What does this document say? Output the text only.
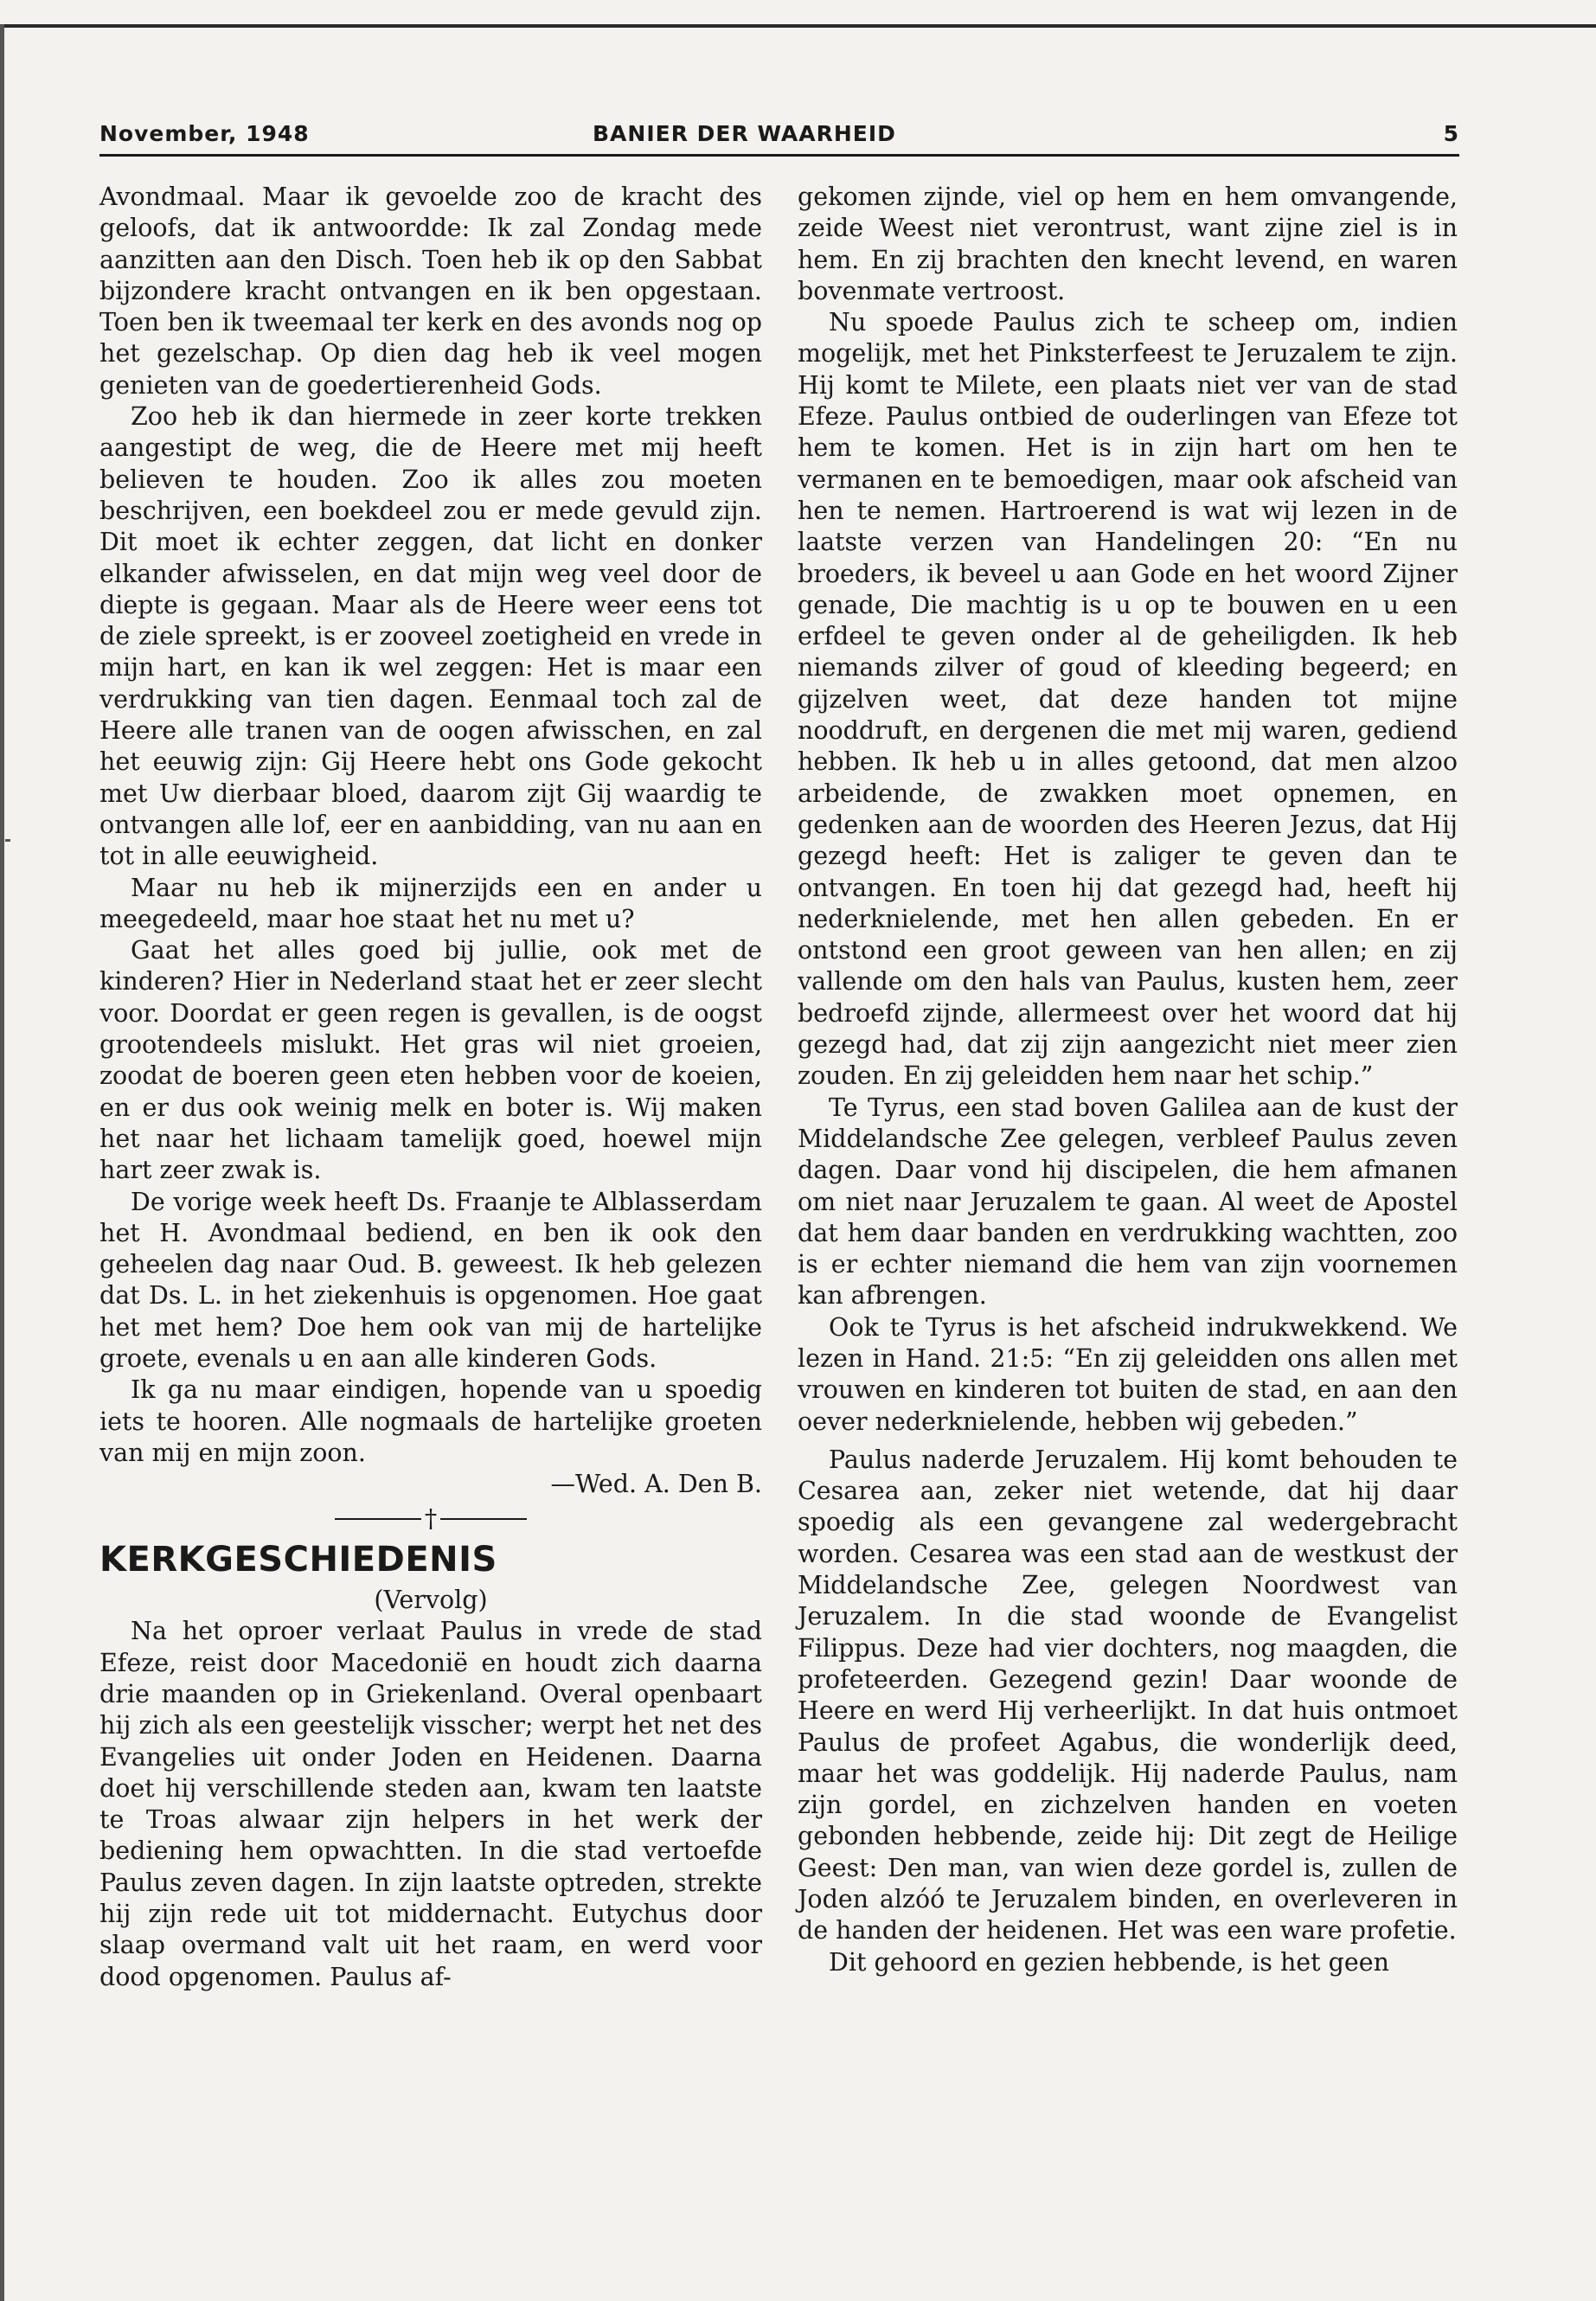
November, 1948	BANIER DER WAARHEID	5

Avondmaal. Maar ik gevoelde zoo de kracht des geloofs, dat ik antwoordde: Ik zal Zondag mede aanzitten aan den Disch. Toen heb ik op den Sabbat bijzondere kracht ontvangen en ik ben opgestaan. Toen ben ik tweemaal ter kerk en des avonds nog op het gezelschap. Op dien dag heb ik veel mogen genieten van de goedertierenheid Gods.

Zoo heb ik dan hiermede in zeer korte trekken aangestipt de weg, die de Heere met mij heeft believen te houden. Zoo ik alles zou moeten beschrijven, een boekdeel zou er mede gevuld zijn. Dit moet ik echter zeggen, dat licht en donker elkander afwisselen, en dat mijn weg veel door de diepte is gegaan. Maar als de Heere weer eens tot de ziele spreekt, is er zooveel zoetigheid en vrede in mijn hart, en kan ik wel zeggen: Het is maar een verdrukking van tien dagen. Eenmaal toch zal de Heere alle tranen van de oogen afwisschen, en zal het eeuwig zijn: Gij Heere hebt ons Gode gekocht met Uw dierbaar bloed, daarom zijt Gij waardig te ontvangen alle lof, eer en aanbidding, van nu aan en tot in alle eeuwigheid.

Maar nu heb ik mijnerzijds een en ander u meegedeeld, maar hoe staat het nu met u?

Gaat het alles goed bij jullie, ook met de kinderen? Hier in Nederland staat het er zeer slecht voor. Doordat er geen regen is gevallen, is de oogst grootendeels mislukt. Het gras wil niet groeien, zoodat de boeren geen eten hebben voor de koeien, en er dus ook weinig melk en boter is. Wij maken het naar het lichaam tamelijk goed, hoewel mijn hart zeer zwak is.

De vorige week heeft Ds. Fraanje te Alblasserdam het H. Avondmaal bediend, en ben ik ook den geheelen dag naar Oud. B. geweest. Ik heb gelezen dat Ds. L. in het ziekenhuis is opgenomen. Hoe gaat het met hem? Doe hem ook van mij de hartelijke groete, evenals u en aan alle kinderen Gods.

Ik ga nu maar eindigen, hopende van u spoedig iets te hooren. Alle nogmaals de hartelijke groeten van mij en mijn zoon.

—Wed. A. Den B.

†
KERKGESCHIEDENIS

(Vervolg)

Na het oproer verlaat Paulus in vrede de stad Efeze, reist door Macedonië en houdt zich daarna drie maanden op in Griekenland. Overal openbaart hij zich als een geestelijk visscher; werpt het net des Evangelies uit onder Joden en Heidenen. Daarna doet hij verschillende steden aan, kwam ten laatste te Troas alwaar zijn helpers in het werk der bediening hem opwachtten. In die stad vertoefde Paulus zeven dagen. In zijn laatste optreden, strekte hij zijn rede uit tot middernacht. Eutychus door slaap overmand valt uit het raam, en werd voor dood opgenomen. Paulus af-

gekomen zijnde, viel op hem en hem omvangende, zeide Weest niet verontrust, want zijne ziel is in hem. En zij brachten den knecht levend, en waren bovenmate vertroost.

Nu spoede Paulus zich te scheep om, indien mogelijk, met het Pinksterfeest te Jeruzalem te zijn. Hij komt te Milete, een plaats niet ver van de stad Efeze. Paulus ontbied de ouderlingen van Efeze tot hem te komen. Het is in zijn hart om hen te vermanen en te bemoedigen, maar ook afscheid van hen te nemen. Hartroerend is wat wij lezen in de laatste verzen van Handelingen 20: “En nu broeders, ik beveel u aan Gode en het woord Zijner genade, Die machtig is u op te bouwen en u een erfdeel te geven onder al de geheiligden. Ik heb niemands zilver of goud of kleeding begeerd; en gijzelven weet, dat deze handen tot mijne nooddruft, en dergenen die met mij waren, gediend hebben. Ik heb u in alles getoond, dat men alzoo arbeidende, de zwakken moet opnemen, en gedenken aan de woorden des Heeren Jezus, dat Hij gezegd heeft: Het is zaliger te geven dan te ontvangen. En toen hij dat gezegd had, heeft hij nederknielende, met hen allen gebeden. En er ontstond een groot geween van hen allen; en zij vallende om den hals van Paulus, kusten hem, zeer bedroefd zijnde, allermeest over het woord dat hij gezegd had, dat zij zijn aangezicht niet meer zien zouden. En zij geleidden hem naar het schip.”

Te Tyrus, een stad boven Galilea aan de kust der Middelandsche Zee gelegen, verbleef Paulus zeven dagen. Daar vond hij discipelen, die hem afmanen om niet naar Jeruzalem te gaan. Al weet de Apostel dat hem daar banden en verdrukking wachtten, zoo is er echter niemand die hem van zijn voornemen kan afbrengen.

Ook te Tyrus is het afscheid indrukwekkend. We lezen in Hand. 21:5: “En zij geleidden ons allen met vrouwen en kinderen tot buiten de stad, en aan den oever nederknielende, hebben wij gebeden.”

Paulus naderde Jeruzalem. Hij komt behouden te Cesarea aan, zeker niet wetende, dat hij daar spoedig als een gevangene zal wedergebracht worden. Cesarea was een stad aan de westkust der Middelandsche Zee, gelegen Noordwest van Jeruzalem. In die stad woonde de Evangelist Filippus. Deze had vier dochters, nog maagden, die profeteerden. Gezegend gezin! Daar woonde de Heere en werd Hij verheerlijkt. In dat huis ontmoet Paulus de profeet Agabus, die wonderlijk deed, maar het was goddelijk. Hij naderde Paulus, nam zijn gordel, en zichzelven handen en voeten gebonden hebbende, zeide hij: Dit zegt de Heilige Geest: Den man, van wien deze gordel is, zullen de Joden alzóó te Jeruzalem binden, en overleveren in de handen der heidenen. Het was een ware profetie.

Dit gehoord en gezien hebbende, is het geen
